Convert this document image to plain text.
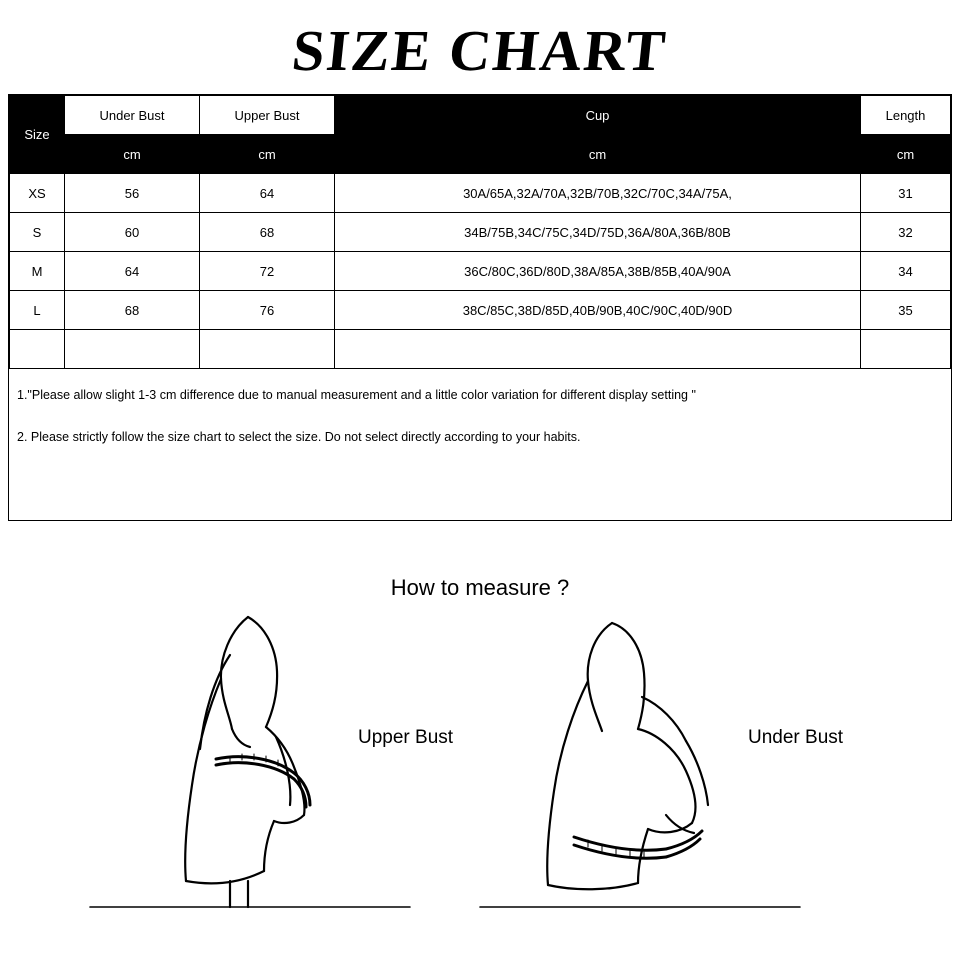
SIZE CHART
Size	Under Bust	Upper Bust	Cup	Length
	cm	cm	cm	cm
XS	56	64	30A/65A,32A/70A,32B/70B,32C/70C,34A/75A,	31
S	60	68	34B/75B,34C/75C,34D/75D,36A/80A,36B/80B	32
M	64	72	36C/80C,36D/80D,38A/85A,38B/85B,40A/90A	34
L	68	76	38C/85C,38D/85D,40B/90B,40C/90C,40D/90D	35

1."Please allow slight 1-3 cm difference due to manual measurement and a little color variation for different display setting "
2. Please strictly follow the size chart to select the size. Do not select directly according to your habits.
How to measure ?
Upper Bust	Under Bust
